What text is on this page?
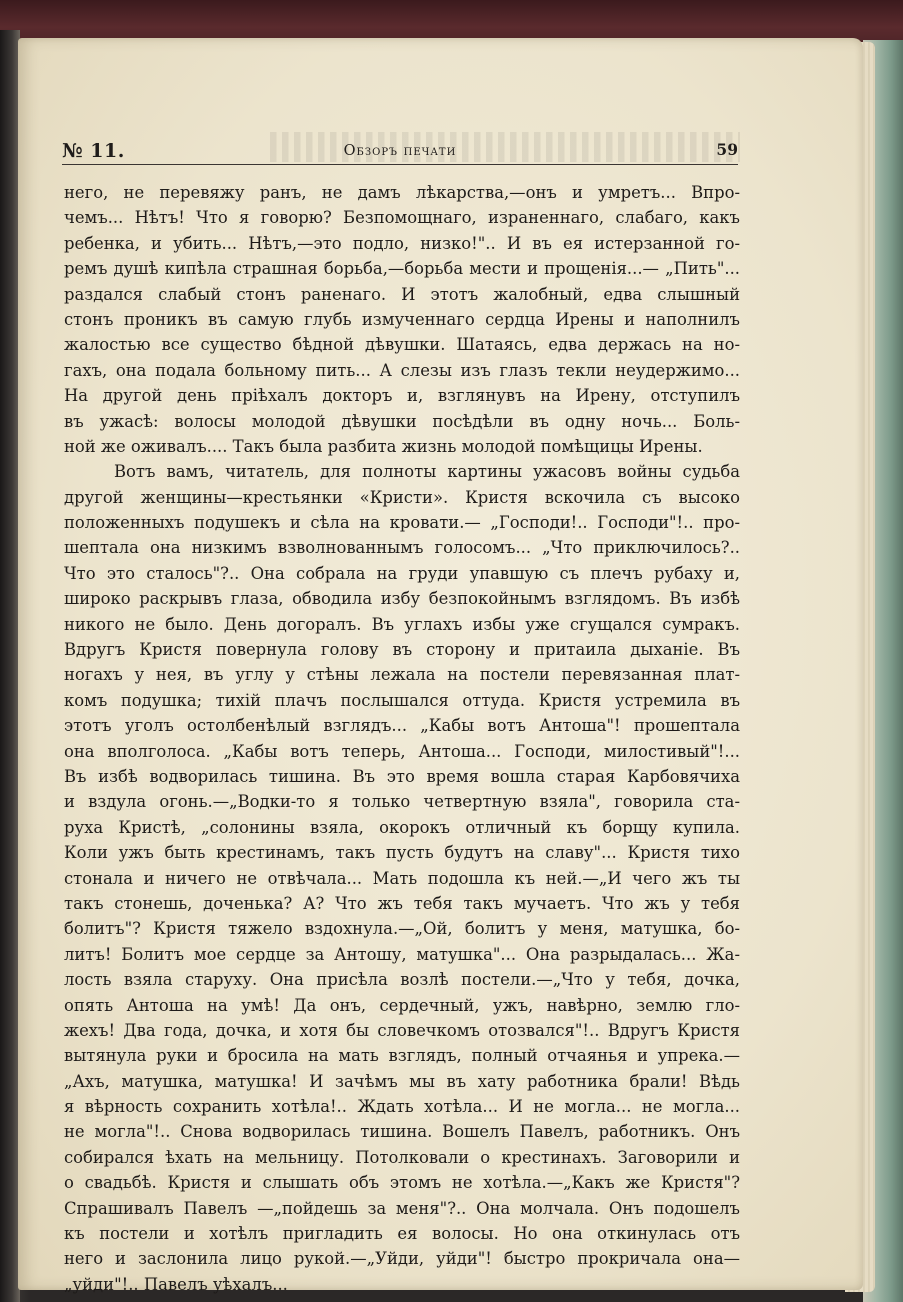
№ 11.	Обзоръ печати	59
него, не перевяжу ранъ, не дамъ лѣкарства,—онъ и умретъ... Впро-
чемъ... Нѣтъ! Что я говорю? Безпомощнаго, израненнаго, слабаго, какъ
ребенка, и убить... Нѣтъ,—это подло, низко!".. И въ ея истерзанной го-
ремъ душѣ кипѣла страшная борьба,—борьба мести и прощенія...— „Пить"...
раздался слабый стонъ раненаго. И этотъ жалобный, едва слышный
стонъ проникъ въ самую глубь измученнаго сердца Ирены и наполнилъ
жалостью все существо бѣдной дѣвушки. Шатаясь, едва держась на но-
гахъ, она подала больному пить... А слезы изъ глазъ текли неудержимо...
На другой день пріѣхалъ докторъ и, взглянувъ на Ирену, отступилъ
въ ужасѣ: волосы молодой дѣвушки посѣдѣли въ одну ночь... Боль-
ной же оживалъ.... Такъ была разбита жизнь молодой помѣщицы Ирены.
Вотъ вамъ, читатель, для полноты картины ужасовъ войны судьба
другой женщины—крестьянки «Кристи». Кристя вскочила съ высоко
положенныхъ подушекъ и сѣла на кровати.— „Господи!.. Господи"!.. про-
шептала она низкимъ взволнованнымъ голосомъ... „Что приключилось?..
Что это сталось"?.. Она собрала на груди упавшую съ плечъ рубаху и,
широко раскрывъ глаза, обводила избу безпокойнымъ взглядомъ. Въ избѣ
никого не было. День догоралъ. Въ углахъ избы уже сгущался сумракъ.
Вдругъ Кристя повернула голову въ сторону и притаила дыханіе. Въ
ногахъ у нея, въ углу у стѣны лежала на постели перевязанная плат-
комъ подушка; тихій плачъ послышался оттуда. Кристя устремила въ
этотъ уголъ остолбенѣлый взглядъ... „Кабы вотъ Антоша"! прошептала
она вполголоса. „Кабы вотъ теперь, Антоша... Господи, милостивый"!...
Въ избѣ водворилась тишина. Въ это время вошла старая Карбовячиха
и вздула огонь.—„Водки-то я только четвертную взяла", говорила ста-
руха Кристѣ, „солонины взяла, окорокъ отличный къ борщу купила.
Коли ужъ быть крестинамъ, такъ пусть будутъ на славу"... Кристя тихо
стонала и ничего не отвѣчала... Мать подошла къ ней.—„И чего жъ ты
такъ стонешь, доченька? А? Что жъ тебя такъ мучаетъ. Что жъ у тебя
болитъ"? Кристя тяжело вздохнула.—„Ой, болитъ у меня, матушка, бо-
литъ! Болитъ мое сердце за Антошу, матушка"... Она разрыдалась... Жа-
лость взяла старуху. Она присѣла возлѣ постели.—„Что у тебя, дочка,
опять Антоша на умѣ! Да онъ, сердечный, ужъ, навѣрно, землю гло-
жехъ! Два года, дочка, и хотя бы словечкомъ отозвался"!.. Вдругъ Кристя
вытянула руки и бросила на мать взглядъ, полный отчаянья и упрека.—
„Ахъ, матушка, матушка! И зачѣмъ мы въ хату работника брали! Вѣдь
я вѣрность сохранить хотѣла!.. Ждать хотѣла... И не могла... не могла...
не могла"!.. Снова водворилась тишина. Вошелъ Павелъ, работникъ. Онъ
собирался ѣхать на мельницу. Потолковали о крестинахъ. Заговорили и
о свадьбѣ. Кристя и слышать объ этомъ не хотѣла.—„Какъ же Кристя"?
Спрашивалъ Павелъ —„пойдешь за меня"?.. Она молчала. Онъ подошелъ
къ постели и хотѣлъ пригладить ея волосы. Но она откинулась отъ
него и заслонила лицо рукой.—„Уйди, уйди"! быстро прокричала она—
„уйди"!.. Павелъ уѣхалъ...
